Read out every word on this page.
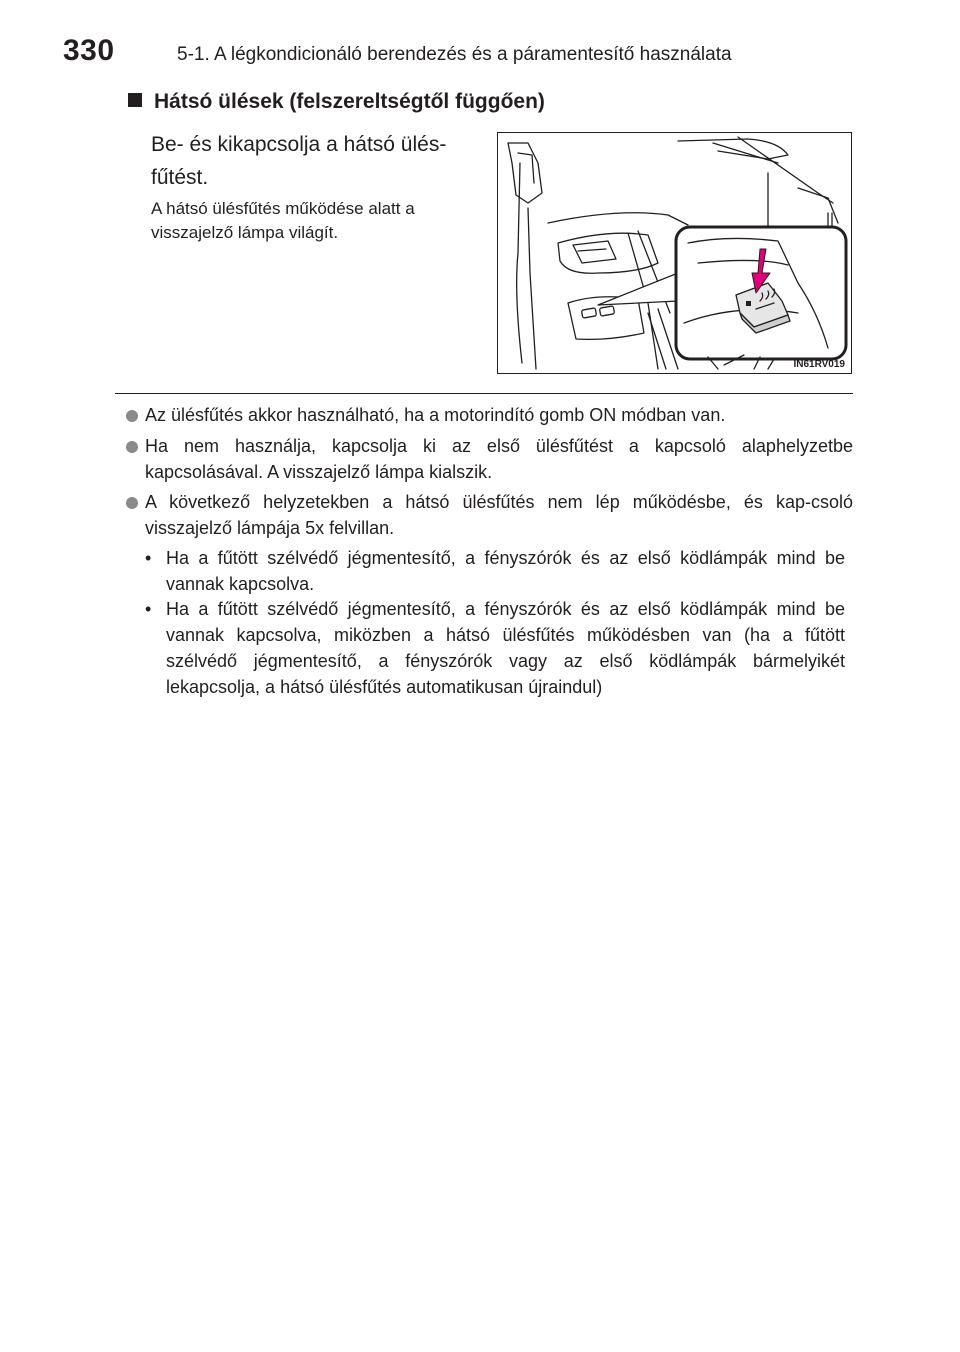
330	5-1. A légkondicionáló berendezés és a páramentesítő használata
Hátsó ülések (felszereltségtől függően)
Be- és kikapcsolja a hátsó ülés-fűtést.
A hátsó ülésfűtés működése alatt a visszajelző lámpa világít.
IN61RV019
Az ülésfűtés akkor használható, ha a motorindító gomb ON módban van.
Ha nem használja, kapcsolja ki az első ülésfűtést a kapcsoló alaphelyzetbe kapcsolásával. A visszajelző lámpa kialszik.
A következő helyzetekben a hátsó ülésfűtés nem lép működésbe, és kap-csoló visszajelző lámpája 5x felvillan.
• Ha a fűtött szélvédő jégmentesítő, a fényszórók és az első ködlámpák mind be vannak kapcsolva.
• Ha a fűtött szélvédő jégmentesítő, a fényszórók és az első ködlámpák mind be vannak kapcsolva, miközben a hátsó ülésfűtés működésben van (ha a fűtött szélvédő jégmentesítő, a fényszórók vagy az első ködlámpák bármelyikét lekapcsolja, a hátsó ülésfűtés automatikusan újraindul)
